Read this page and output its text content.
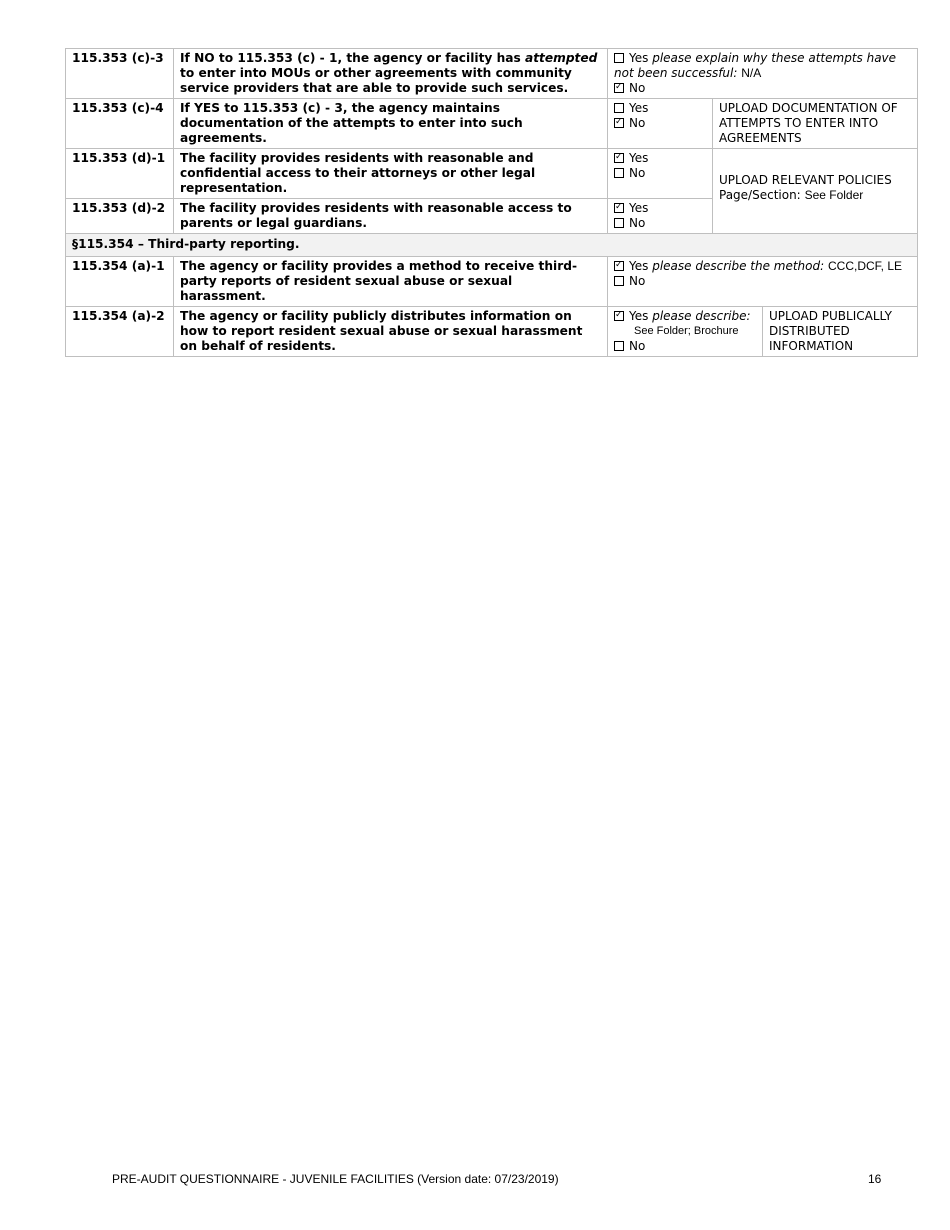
115.353 (c)-3	If NO to 115.353 (c) - 1, the agency or facility has attempted to enter into MOUs or other agreements with community service providers that are able to provide such services.	Yes please explain why these attempts have not been successful: N/A
✓No

115.353 (c)-4	If YES to 115.353 (c) - 3, the agency maintains documentation of the attempts to enter into such agreements.	Yes
✓No	UPLOAD DOCUMENTATION OF ATTEMPTS TO ENTER INTO AGREEMENTS	
115.353 (d)-1	The facility provides residents with reasonable and confidential access to their attorneys or other legal representation.	
✓Yes
No	UPLOAD RELEVANT POLICIES
Page/Section: See Folder	

115.353 (d)-2	The facility provides residents with reasonable access to parents or legal guardians.	
✓Yes
No

§115.354 – Third-party reporting.				
115.354 (a)-1	The agency or facility provides a method to receive third-party reports of resident sexual abuse or sexual harassment.	
✓Yes please describe the method: CCC,DCF, LE
No

115.354 (a)-2	The agency or facility publicly distributes information on how to report resident sexual abuse or sexual harassment on behalf of residents.	
✓Yes please describe:
See Folder; Brochure
No		UPLOAD PUBLICALLY DISTRIBUTED INFORMATION
PRE-AUDIT QUESTIONNAIRE - JUVENILE FACILITIES (Version date: 07/23/2019)	16
